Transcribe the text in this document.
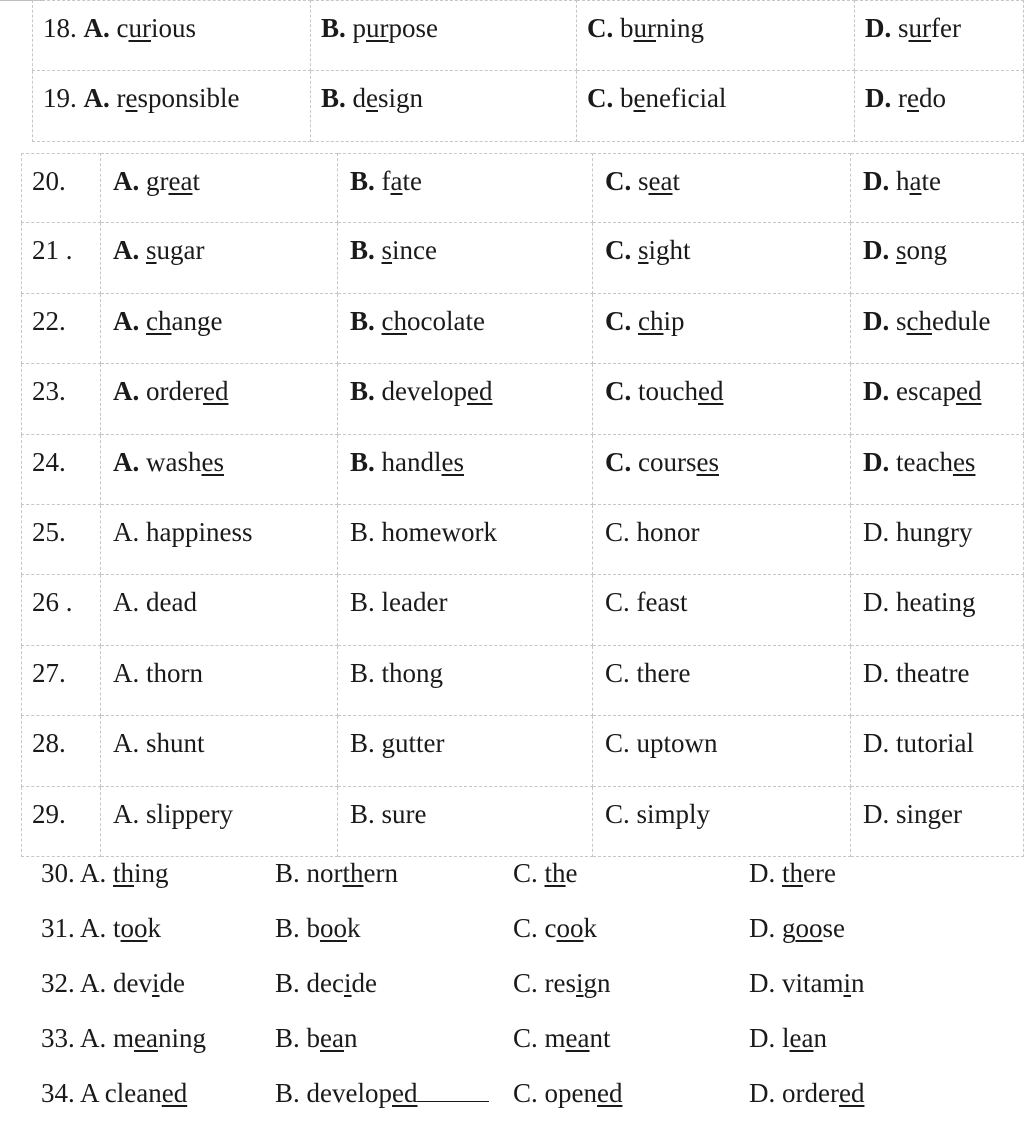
18. A. curious	B. purpose	C. burning	D. surfer
19. A. responsible	B. design	C. beneficial	D. redo
20.	A. great	B. fate	C. seat	D. hate
21 .	A. sugar	B. since	C. sight	D. song
22.	A. change	B. chocolate	C. chip	D. schedule
23.	A. ordered	B. developed	C. touched	D. escaped
24.	A. washes	B. handles	C. courses	D. teaches
25.	A. happiness	B. homework	C. honor	D. hungry
26 .	A. dead	B. leader	C. feast	D. heating
27.	A. thorn	B. thong	C. there	D. theatre
28.	A. shunt	B. gutter	C. uptown	D. tutorial
29.	A. slippery	B. sure	C. simply	D. singer
30. A. thing	B. northern	C. the	D. there
31. A. took	B. book	C. cook	D. goose
32. A. devide	B. decide	C. resign	D. vitamin
33. A. meaning	B. bean	C. meant	D. lean
34. A cleaned	B. developed	C. opened	D. ordered
